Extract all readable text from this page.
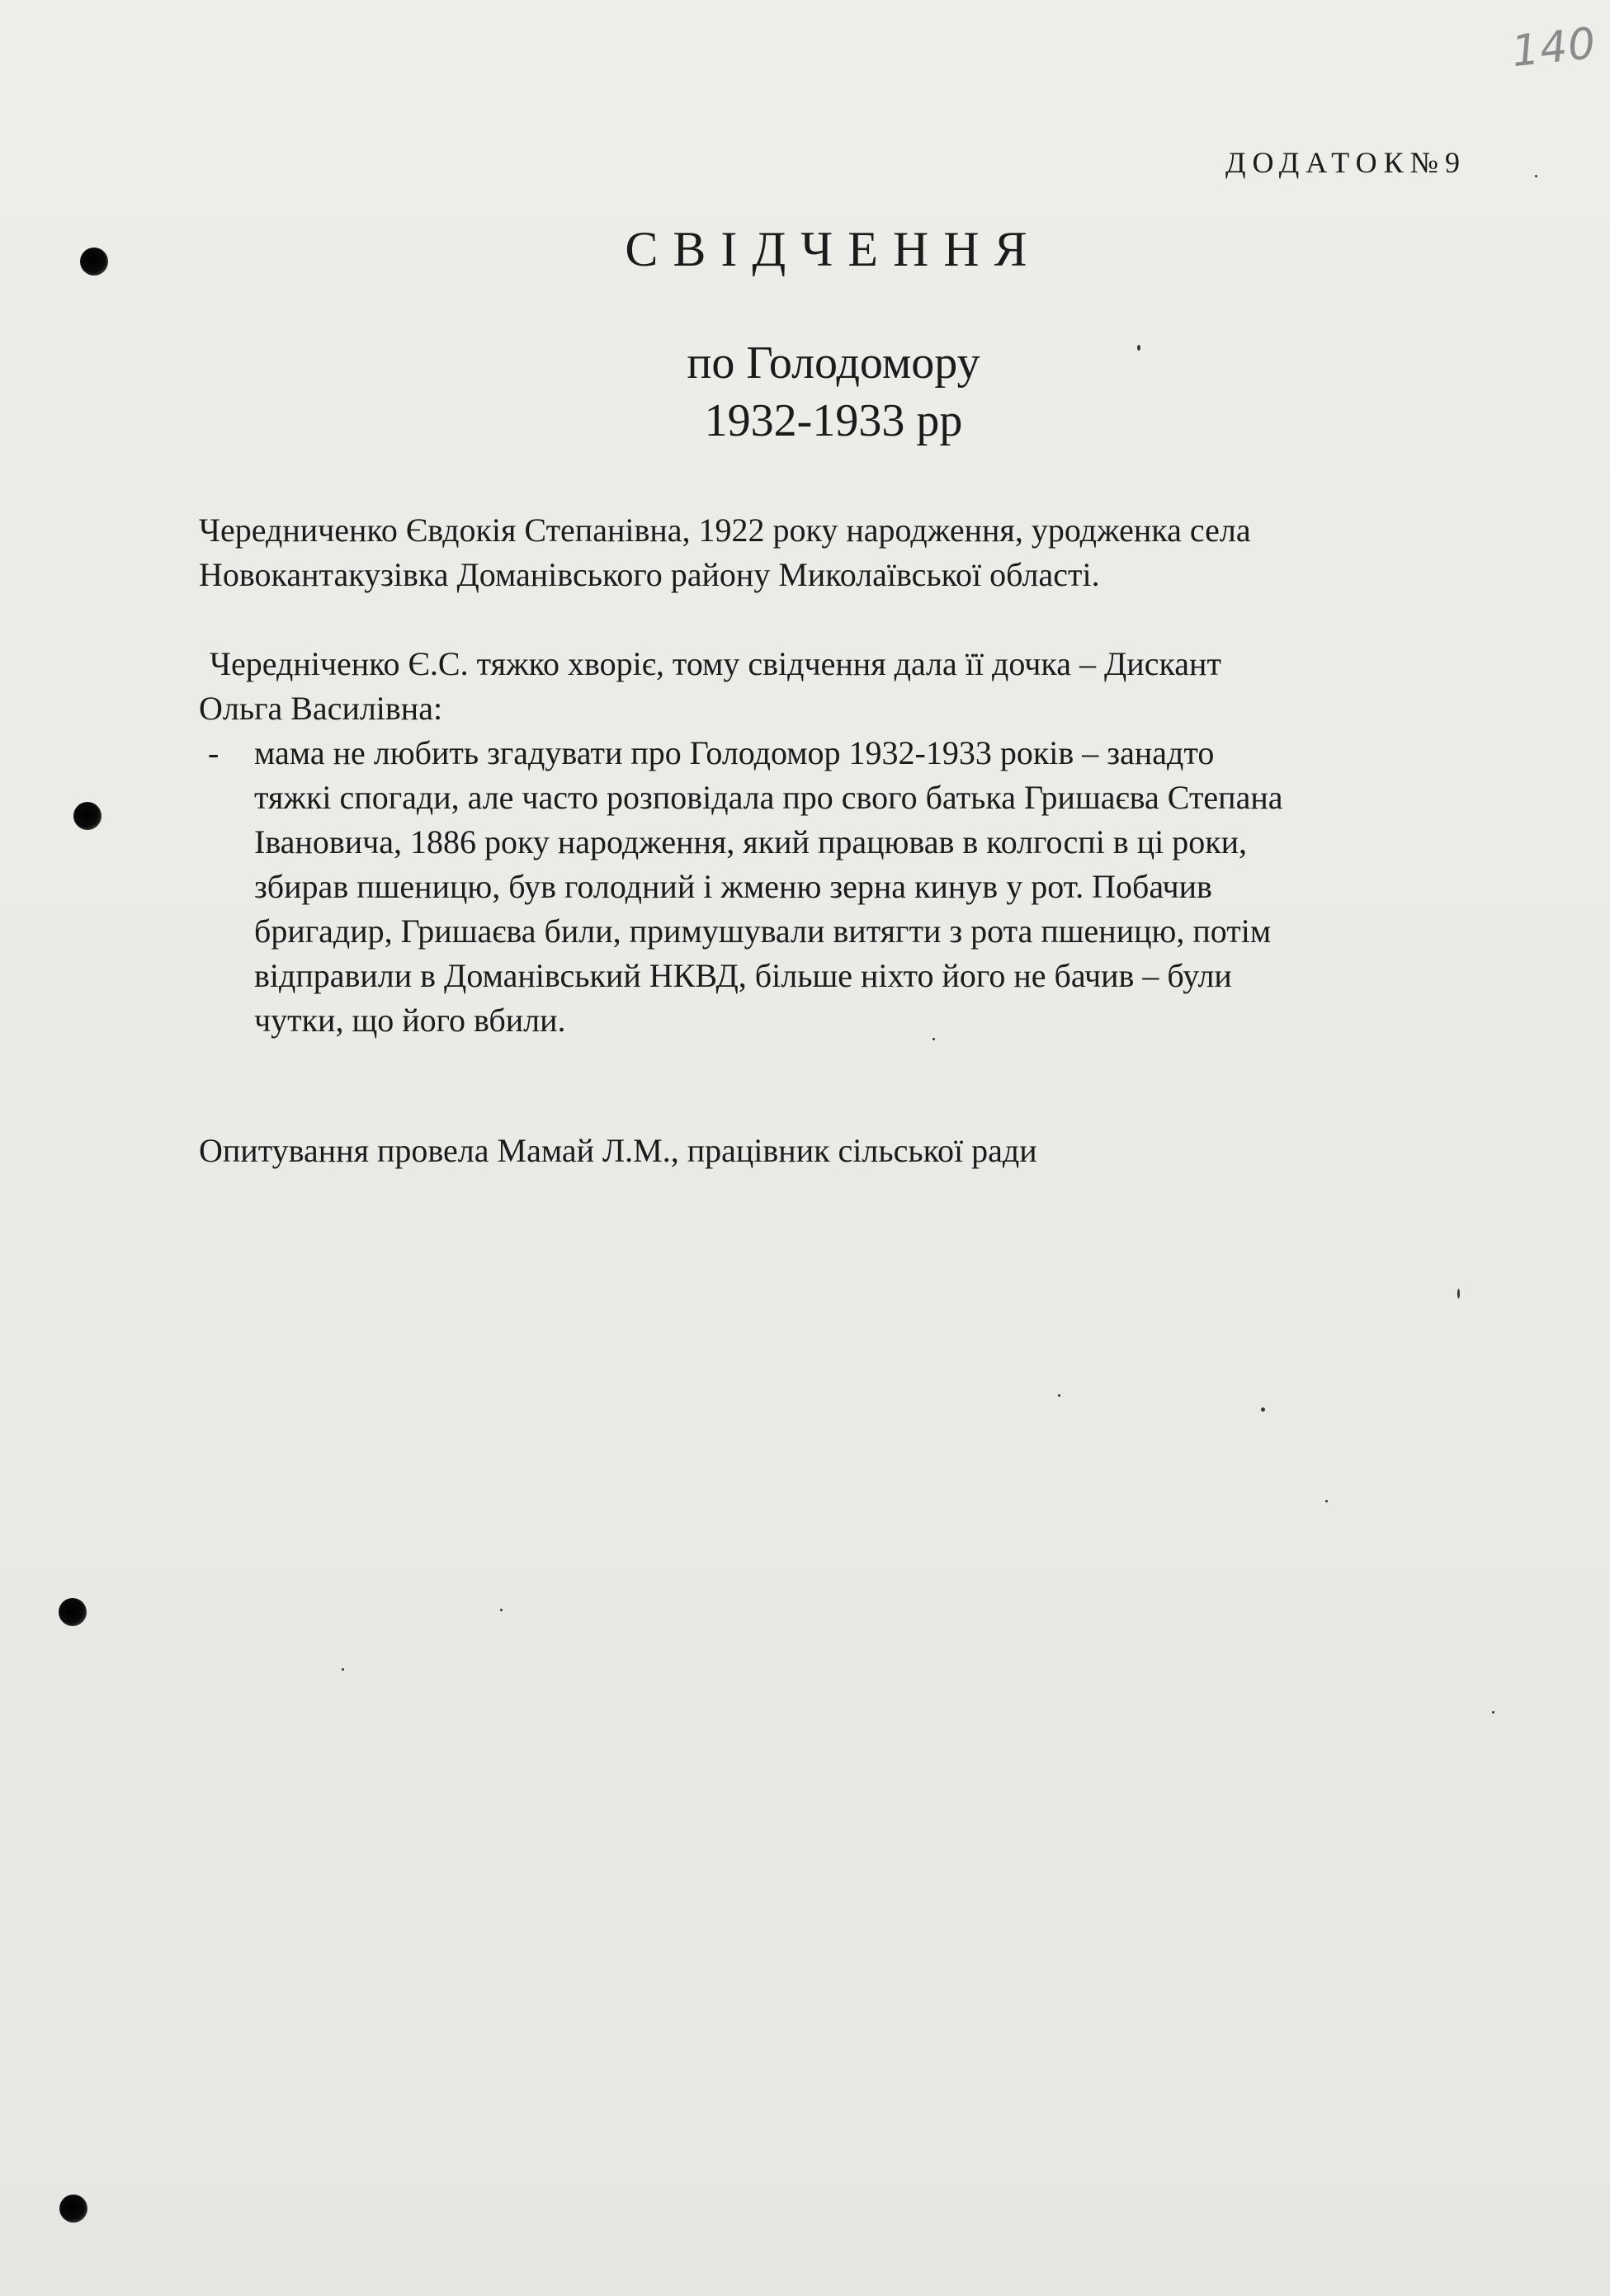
140
ДОДАТОК№9
СВІДЧЕННЯ
по Голодомору
1932-1933 рр
Чередниченко Євдокія Степанівна, 1922 року народження, уродженка села
Новокантакузівка Доманівського району Миколаївської області.
Чередніченко Є.С. тяжко хворіє, тому свідчення дала її дочка – Дискант
Ольга Василівна:
- мама не любить згадувати про Голодомор 1932-1933 років – занадто
тяжкі спогади, але часто розповідала про свого батька Гришаєва Степана
Івановича, 1886 року народження, який працював в колгоспі в ці роки,
збирав пшеницю, був голодний і жменю зерна кинув у рот. Побачив
бригадир, Гришаєва били, примушували витягти з рота пшеницю, потім
відправили в Доманівський НКВД, більше ніхто його не бачив – були
чутки, що його вбили.
Опитування провела Мамай Л.М., працівник сільської ради
